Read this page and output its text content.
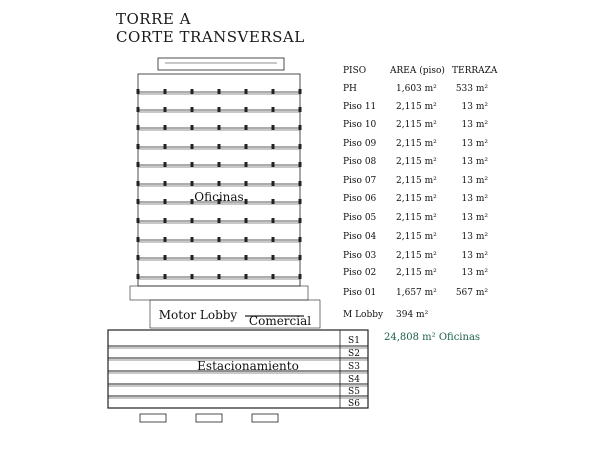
TORRE A
CORTE TRANSVERSAL
Oficinas
Motor Lobby Comercial
Estacionamiento
S1
S2
S3
S4
S5
S6
PISO	AREA (piso) TERRAZA
PH	1,603 m² 533 m²
Piso 11 2,115 m²	13 m²
Piso 10 2,115 m²	13 m²
Piso 09 2,115 m²	13 m²
Piso 08 2,115 m²	13 m²
Piso 07 2,115 m²	13 m²
Piso 06 2,115 m²	13 m²
Piso 05 2,115 m²	13 m²
Piso 04 2,115 m²	13 m²
Piso 03 2,115 m²	13 m²
Piso 02 2,115 m²	13 m²
Piso 01 1,657 m² 567 m²
M Lobby 394 m²
24,808 m² Oficinas
